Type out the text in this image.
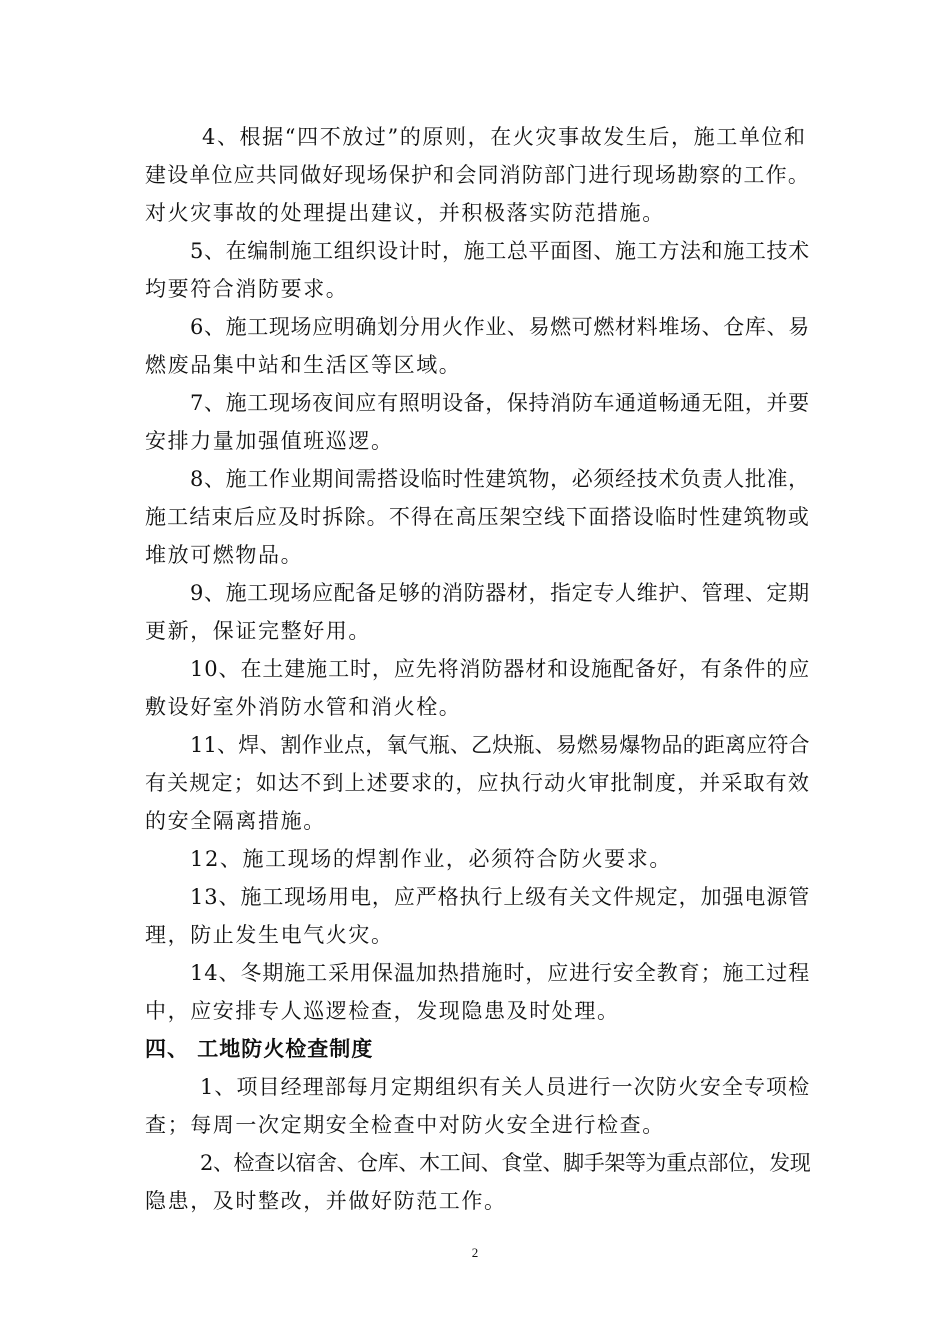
4、根据“四不放过”的原则，在火灾事故发生后，施工单位和
建设单位应共同做好现场保护和会同消防部门进行现场勘察的工作。
对火灾事故的处理提出建议，并积极落实防范措施。
5、在编制施工组织设计时，施工总平面图、施工方法和施工技术
均要符合消防要求。
6、施工现场应明确划分用火作业、易燃可燃材料堆场、仓库、易
燃废品集中站和生活区等区域。
7、施工现场夜间应有照明设备，保持消防车通道畅通无阻，并要
安排力量加强值班巡逻。
8、施工作业期间需搭设临时性建筑物，必须经技术负责人批准，
施工结束后应及时拆除。不得在高压架空线下面搭设临时性建筑物或
堆放可燃物品。
9、施工现场应配备足够的消防器材，指定专人维护、管理、定期
更新，保证完整好用。
10、在土建施工时，应先将消防器材和设施配备好，有条件的应
敷设好室外消防水管和消火栓。
11、焊、割作业点，氧气瓶、乙炔瓶、易燃易爆物品的距离应符合
有关规定；如达不到上述要求的，应执行动火审批制度，并采取有效
的安全隔离措施。
12、施工现场的焊割作业，必须符合防火要求。
13、施工现场用电，应严格执行上级有关文件规定，加强电源管
理，防止发生电气火灾。
14、冬期施工采用保温加热措施时，应进行安全教育；施工过程
中，应安排专人巡逻检查，发现隐患及时处理。
四、 工地防火检查制度
1、项目经理部每月定期组织有关人员进行一次防火安全专项检
查；每周一次定期安全检查中对防火安全进行检查。
2、检查以宿舍、仓库、木工间、食堂、脚手架等为重点部位，发现
隐患，及时整改，并做好防范工作。
2
